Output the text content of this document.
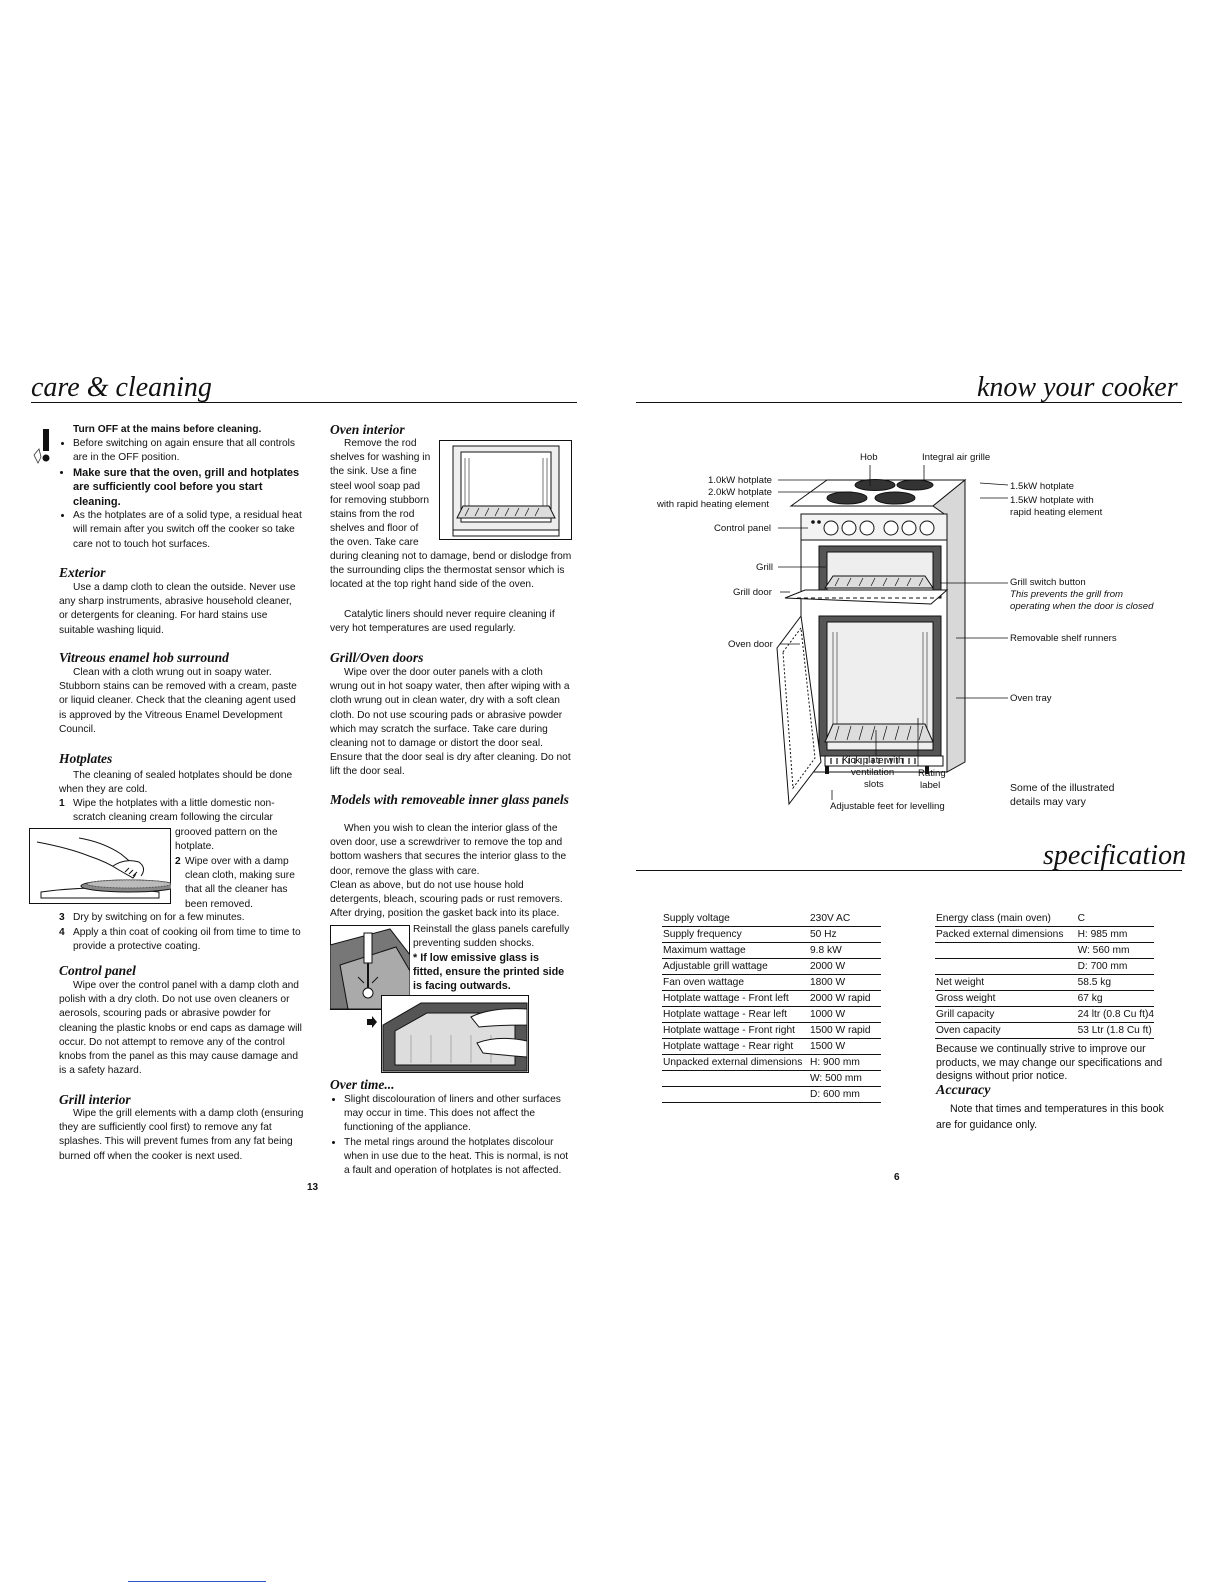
care & cleaning
Turn OFF at the mains before cleaning.
• Before switching on again ensure that all controls are in the OFF position.
• Make sure that the oven, grill and hotplates are sufficiently cool before you start cleaning.
• As the hotplates are of a solid type, a residual heat will remain after you switch off the cooker so take care not to touch hot surfaces.
Exterior
Use a damp cloth to clean the outside. Never use any sharp instruments, abrasive household cleaner, or detergents for cleaning. For hard stains use suitable washing liquid.
Vitreous enamel hob surround
Clean with a cloth wrung out in soapy water. Stubborn stains can be removed with a cream, paste or liquid cleaner. Check that the cleaning agent used is approved by the Vitreous Enamel Development Council.
Hotplates
The cleaning of sealed hotplates should be done when they are cold.
1 Wipe the hotplates with a little domestic non-scratch cleaning cream following the circular
grooved pattern on the hotplate.
2 Wipe over with a damp clean cloth, making sure that all the cleaner has been removed.
3 Dry by switching on for a few minutes.
4 Apply a thin coat of cooking oil from time to time to provide a protective coating.
Control panel
Wipe over the control panel with a damp cloth and polish with a dry cloth. Do not use oven cleaners or aerosols, scouring pads or abrasive powder for cleaning the plastic knobs or end caps as damage will occur. Do not attempt to remove any of the control knobs from the panel as this may cause damage and is a safety hazard.
Grill interior
Wipe the grill elements with a damp cloth (ensuring they are sufficiently cool first) to remove any fat splashes. This will prevent fumes from any fat being burned off when the cooker is next used.
13
Oven interior
Remove the rod shelves for washing in the sink. Use a fine steel wool soap pad for removing stubborn stains from the rod shelves and floor of the oven. Take care
during cleaning not to damage, bend or dislodge from the surrounding clips the thermostat sensor which is located at the top right hand side of the oven.
Catalytic liners should never require cleaning if very hot temperatures are used regularly.
Grill/Oven doors
Wipe over the door outer panels with a cloth wrung out in hot soapy water, then after wiping with a cloth wrung out in clean water, dry with a soft clean cloth. Do not use scouring pads or abrasive powder which may scratch the surface. Take care during cleaning not to damage or distort the door seal. Ensure that the door seal is dry after cleaning. Do not lift the door seal.
Models with removeable inner glass panels
When you wish to clean the interior glass of the oven door, use a screwdriver to remove the top and bottom washers that secures the interior glass to the door, remove the glass with care.
Clean as above, but do not use house hold detergents, bleach, scouring pads or rust removers. After drying, position the gasket back into its place.
Reinstall the glass panels carefully preventing sudden shocks.
* If low emissive glass is fitted, ensure the printed side is facing outwards.
Over time...
• Slight discolouration of liners and other surfaces may occur in time. This does not affect the functioning of the appliance.
• The metal rings around the hotplates discolour when in use due to the heat. This is normal, is not a fault and operation of hotplates is not affected.
know your cooker
Hob	Integral air grille
1.0kW hotplate
2.0kW hotplate
with rapid heating element
Control panel
Grill
Grill door
Oven door
1.5kW hotplate
1.5kW hotplate with
rapid heating element
Grill switch button
This prevents the grill from
operating when the door is closed
Removable shelf runners
Oven tray
Kick plate with
ventilation
slots
Rating
label
Adjustable feet for levelling
Some of the illustrated
details may vary
specification
Supply voltage	230V AC
Supply frequency	50 Hz
Maximum wattage	9.8 kW
Adjustable grill wattage	2000 W
Fan oven wattage	1800 W
Hotplate wattage - Front left	2000 W rapid
Hotplate wattage - Rear left	1000 W
Hotplate wattage - Front right	1500 W rapid
Hotplate wattage - Rear right	1500 W
Unpacked external dimensions	H: 900 mm
	W: 500 mm
	D: 600 mm
Energy class (main oven)	C
Packed external dimensions	H: 985 mm
	W: 560 mm
	D: 700 mm
Net weight	58.5 kg
Gross weight	67 kg
Grill capacity	24 ltr (0.8 Cu ft)4
Oven capacity	53 Ltr (1.8 Cu ft)
Because we continually strive to improve our products, we may change our specifications and designs without prior notice.
Accuracy
Note that times and temperatures in this book are for guidance only.
6
